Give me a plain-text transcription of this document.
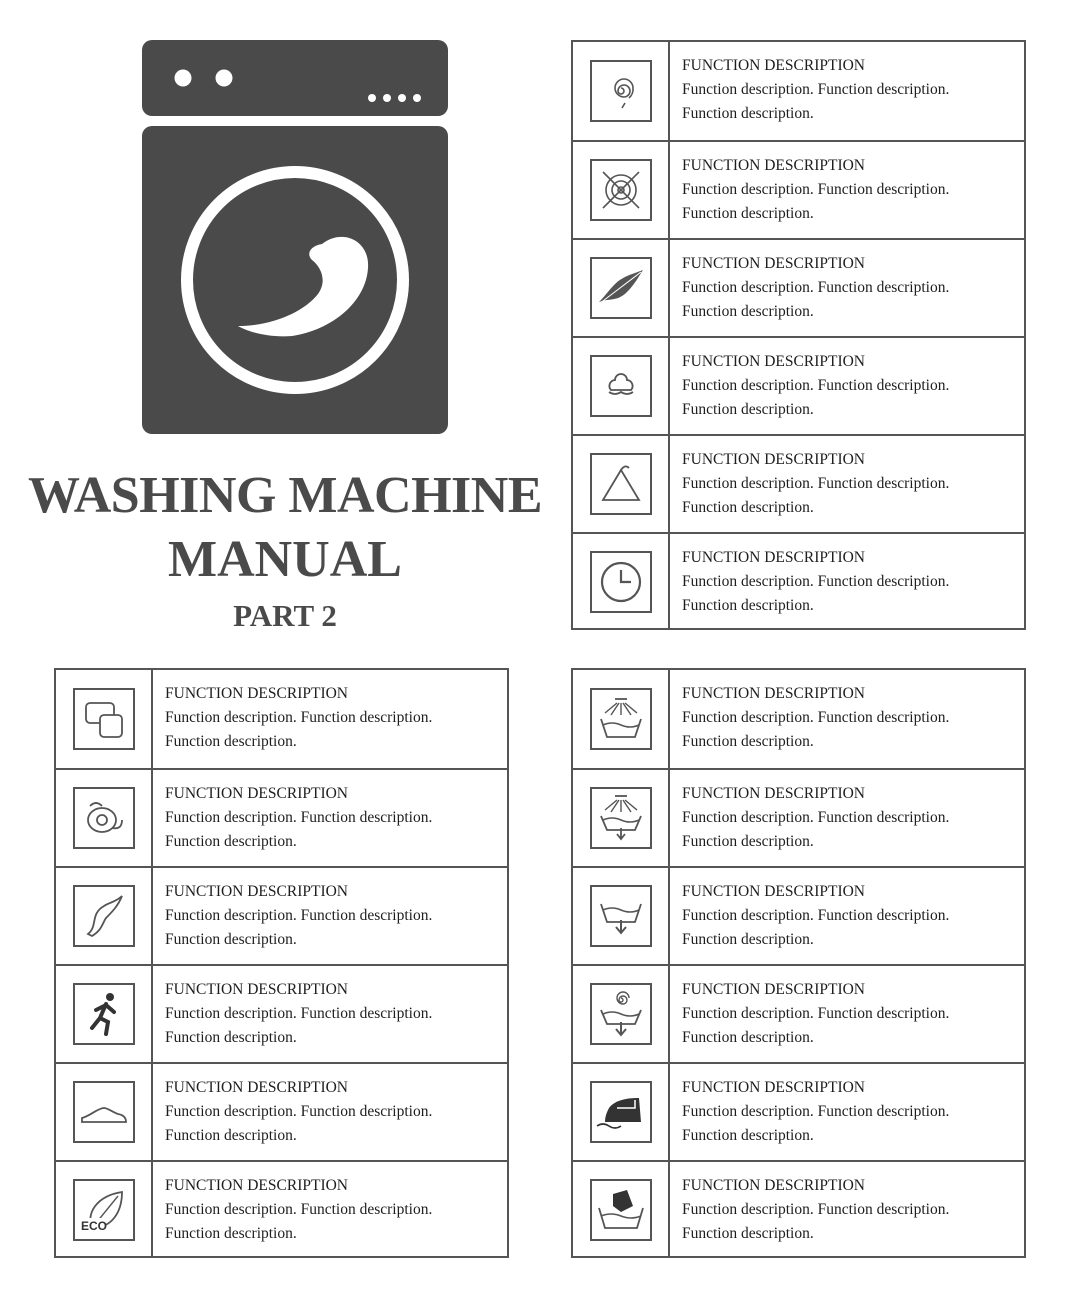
WASHING MACHINE
MANUAL
PART 2
FUNCTION DESCRIPTION
Function description. Function description.
Function description.
FUNCTION DESCRIPTION
Function description. Function description.
Function description.
FUNCTION DESCRIPTION
Function description. Function description.
Function description.
FUNCTION DESCRIPTION
Function description. Function description.
Function description.
FUNCTION DESCRIPTION
Function description. Function description.
Function description.
FUNCTION DESCRIPTION
Function description. Function description.
Function description.
FUNCTION DESCRIPTION
Function description. Function description.
Function description.
FUNCTION DESCRIPTION
Function description. Function description.
Function description.
FUNCTION DESCRIPTION
Function description. Function description.
Function description.
FUNCTION DESCRIPTION
Function description. Function description.
Function description.
FUNCTION DESCRIPTION
Function description. Function description.
Function description.
ECO
FUNCTION DESCRIPTION
Function description. Function description.
Function description.
FUNCTION DESCRIPTION
Function description. Function description.
Function description.
FUNCTION DESCRIPTION
Function description. Function description.
Function description.
FUNCTION DESCRIPTION
Function description. Function description.
Function description.
FUNCTION DESCRIPTION
Function description. Function description.
Function description.
FUNCTION DESCRIPTION
Function description. Function description.
Function description.
FUNCTION DESCRIPTION
Function description. Function description.
Function description.
